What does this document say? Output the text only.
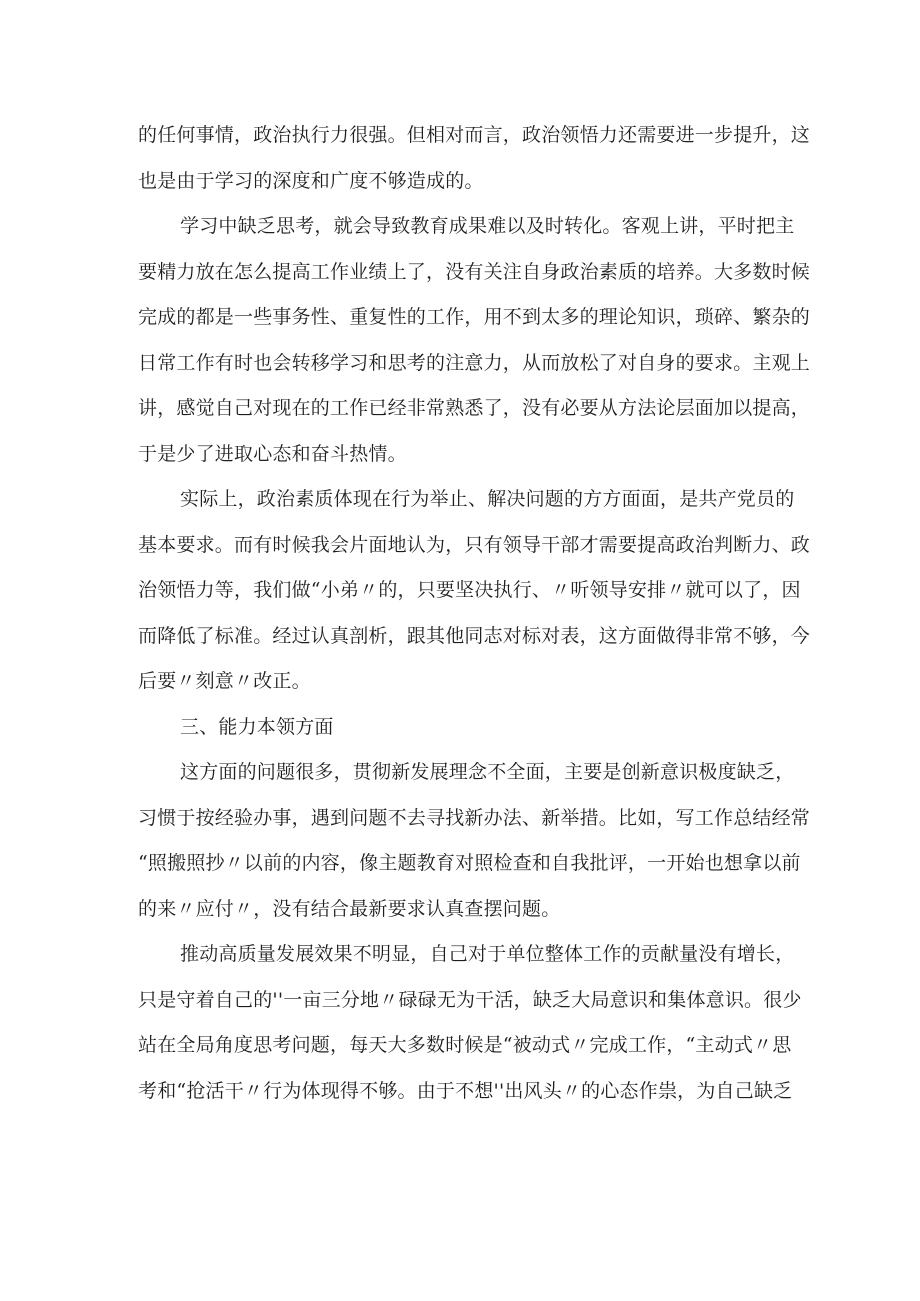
的任何事情，政治执行力很强。但相对而言，政治领悟力还需要进一步提升，这
也是由于学习的深度和广度不够造成的。
学习中缺乏思考，就会导致教育成果难以及时转化。客观上讲，平时把主
要精力放在怎么提高工作业绩上了，没有关注自身政治素质的培养。大多数时候
完成的都是一些事务性、重复性的工作，用不到太多的理论知识，琐碎、繁杂的
日常工作有时也会转移学习和思考的注意力，从而放松了对自身的要求。主观上
讲，感觉自己对现在的工作已经非常熟悉了，没有必要从方法论层面加以提高，
于是少了进取心态和奋斗热情。
实际上，政治素质体现在行为举止、解决问题的方方面面，是共产党员的
基本要求。而有时候我会片面地认为，只有领导干部才需要提高政治判断力、政
治领悟力等，我们做“小弟〃的，只要坚决执行、〃听领导安排〃就可以了，因
而降低了标准。经过认真剖析，跟其他同志对标对表，这方面做得非常不够，今
后要〃刻意〃改正。
三、能力本领方面
这方面的问题很多，贯彻新发展理念不全面，主要是创新意识极度缺乏，
习惯于按经验办事，遇到问题不去寻找新办法、新举措。比如，写工作总结经常
“照搬照抄〃以前的内容，像主题教育对照检查和自我批评，一开始也想拿以前
的来〃应付〃，没有结合最新要求认真查摆问题。
推动高质量发展效果不明显，自己对于单位整体工作的贡献量没有增长，
只是守着自己的''一亩三分地〃碌碌无为干活，缺乏大局意识和集体意识。很少
站在全局角度思考问题，每天大多数时候是“被动式〃完成工作，“主动式〃思
考和“抢活干〃行为体现得不够。由于不想''出风头〃的心态作祟，为自己缺乏
